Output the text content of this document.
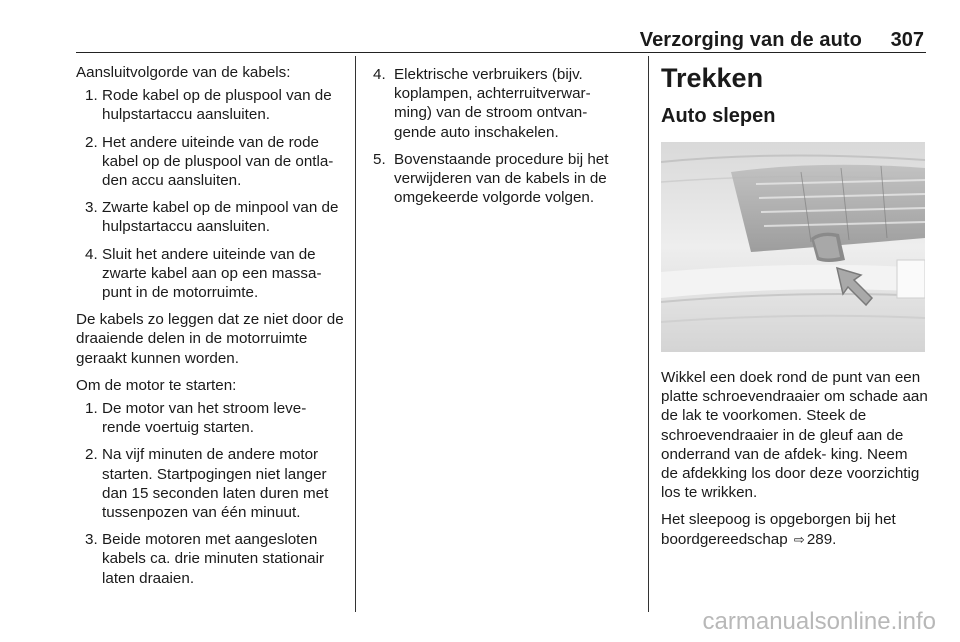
Verzorging van de auto 307

Aansluitvolgorde van de kabels:

1. Rode kabel op de pluspool van de hulpstartaccu aansluiten.
2. Het andere uiteinde van de rode kabel op de pluspool van de ontla- den accu aansluiten.
3. Zwarte kabel op de minpool van de hulpstartaccu aansluiten.
4. Sluit het andere uiteinde van de zwarte kabel aan op een massa- punt in de motorruimte.

De kabels zo leggen dat ze niet door de draaiende delen in de motorruimte geraakt kunnen worden.

Om de motor te starten:

1. De motor van het stroom leve- rende voertuig starten.
2. Na vijf minuten de andere motor starten. Startpogingen niet langer dan 15 seconden laten duren met tussenpozen van één minuut.
3. Beide motoren met aangesloten kabels ca. drie minuten stationair laten draaien.
4. Elektrische verbruikers (bijv. koplampen, achterruitverwar- ming) van de stroom ontvan- gende auto inschakelen.
5. Bovenstaande procedure bij het verwijderen van de kabels in de omgekeerde volgorde volgen.
Trekken
Auto slepen

Wikkel een doek rond de punt van een platte schroevendraaier om schade aan de lak te voorkomen. Steek de schroevendraaier in de gleuf aan de onderrand van de afdek- king. Neem de afdekking los door deze voorzichtig los te wrikken.

Het sleepoog is opgeborgen bij het boordgereedschap ⇨ 289.

carmanualsonline.info
